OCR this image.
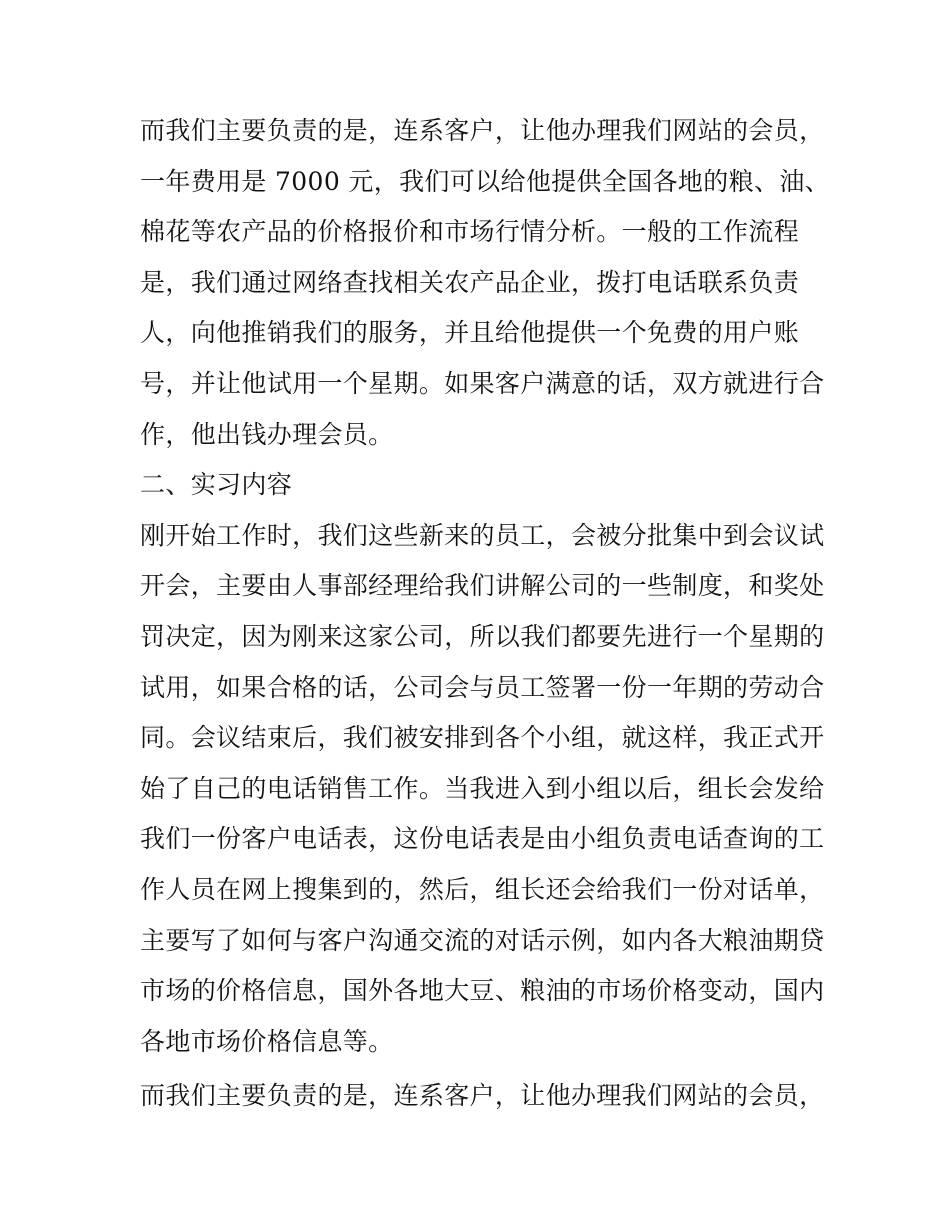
而我们主要负责的是，连系客户，让他办理我们网站的会员，
一年费用是 7000 元，我们可以给他提供全国各地的粮、油、
棉花等农产品的价格报价和市场行情分析。一般的工作流程
是，我们通过网络查找相关农产品企业，拨打电话联系负责
人，向他推销我们的服务，并且给他提供一个免费的用户账
号，并让他试用一个星期。如果客户满意的话，双方就进行合
作，他出钱办理会员。
二、实习内容
刚开始工作时，我们这些新来的员工，会被分批集中到会议试
开会，主要由人事部经理给我们讲解公司的一些制度，和奖处
罚决定，因为刚来这家公司，所以我们都要先进行一个星期的
试用，如果合格的话，公司会与员工签署一份一年期的劳动合
同。会议结束后，我们被安排到各个小组，就这样，我正式开
始了自己的电话销售工作。当我进入到小组以后，组长会发给
我们一份客户电话表，这份电话表是由小组负责电话查询的工
作人员在网上搜集到的，然后，组长还会给我们一份对话单，
主要写了如何与客户沟通交流的对话示例，如内各大粮油期贷
市场的价格信息，国外各地大豆、粮油的市场价格变动，国内
各地市场价格信息等。
而我们主要负责的是，连系客户，让他办理我们网站的会员，
